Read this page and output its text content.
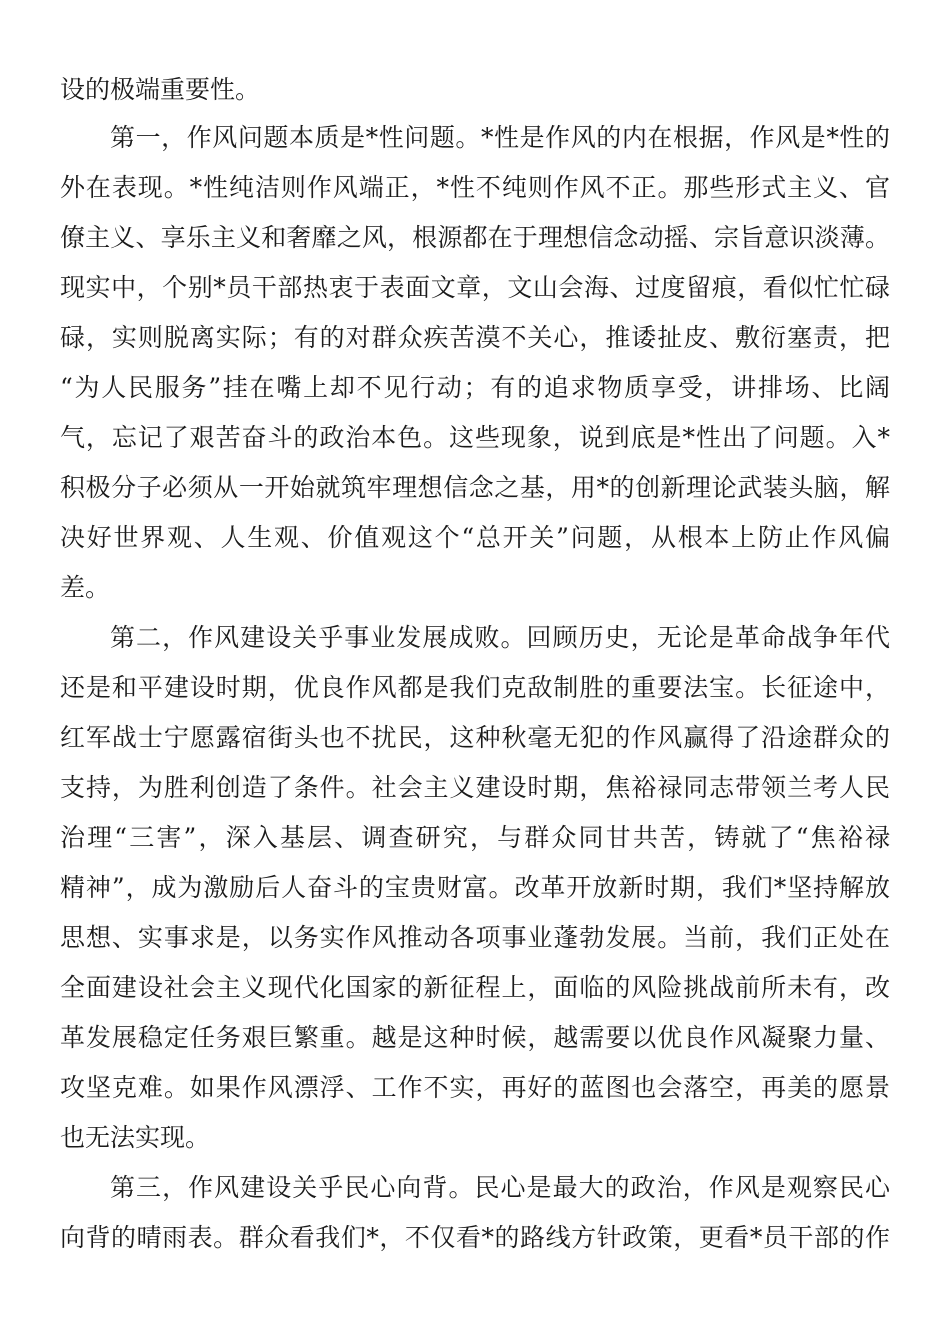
设的极端重要性。
第一，作风问题本质是*性问题。*性是作风的内在根据，作风是*性的
外在表现。*性纯洁则作风端正，*性不纯则作风不正。那些形式主义、官
僚主义、享乐主义和奢靡之风，根源都在于理想信念动摇、宗旨意识淡薄。
现实中，个别*员干部热衷于表面文章，文山会海、过度留痕，看似忙忙碌
碌，实则脱离实际；有的对群众疾苦漠不关心，推诿扯皮、敷衍塞责，把
“为人民服务”挂在嘴上却不见行动；有的追求物质享受，讲排场、比阔
气，忘记了艰苦奋斗的政治本色。这些现象，说到底是*性出了问题。入*
积极分子必须从一开始就筑牢理想信念之基，用*的创新理论武装头脑，解
决好世界观、人生观、价值观这个“总开关”问题，从根本上防止作风偏
差。
第二，作风建设关乎事业发展成败。回顾历史，无论是革命战争年代
还是和平建设时期，优良作风都是我们克敌制胜的重要法宝。长征途中，
红军战士宁愿露宿街头也不扰民，这种秋毫无犯的作风赢得了沿途群众的
支持，为胜利创造了条件。社会主义建设时期，焦裕禄同志带领兰考人民
治理“三害”，深入基层、调查研究，与群众同甘共苦，铸就了“焦裕禄
精神”，成为激励后人奋斗的宝贵财富。改革开放新时期，我们*坚持解放
思想、实事求是，以务实作风推动各项事业蓬勃发展。当前，我们正处在
全面建设社会主义现代化国家的新征程上，面临的风险挑战前所未有，改
革发展稳定任务艰巨繁重。越是这种时候，越需要以优良作风凝聚力量、
攻坚克难。如果作风漂浮、工作不实，再好的蓝图也会落空，再美的愿景
也无法实现。
第三，作风建设关乎民心向背。民心是最大的政治，作风是观察民心
向背的晴雨表。群众看我们*，不仅看*的路线方针政策，更看*员干部的作
